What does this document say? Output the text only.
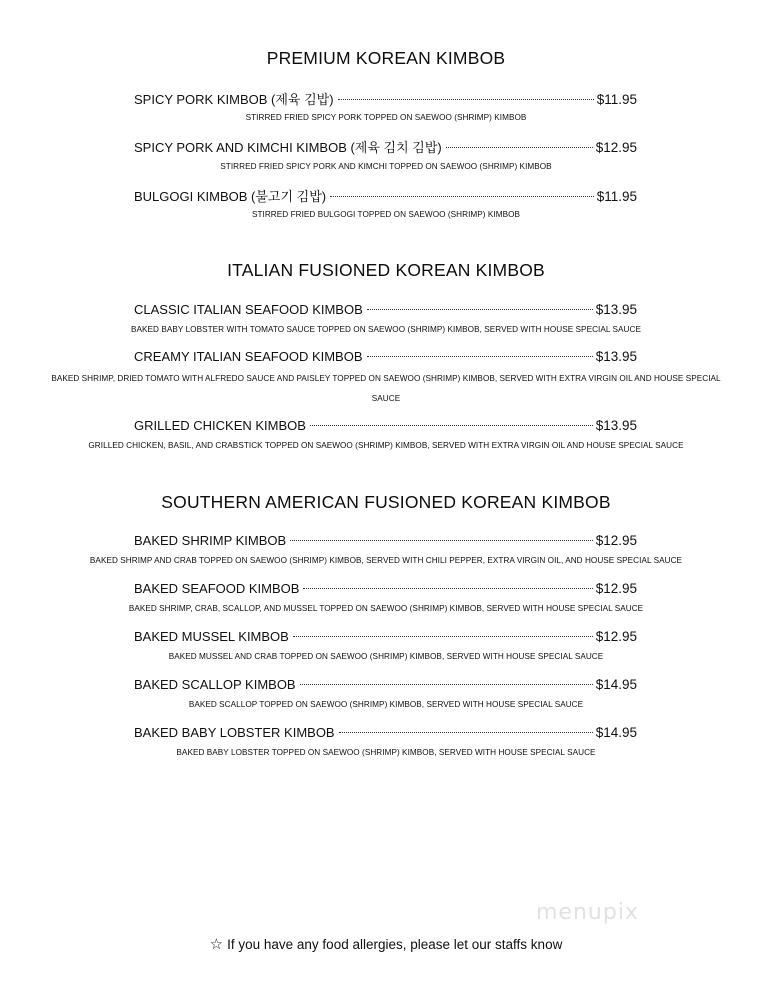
PREMIUM KOREAN KIMBOB
SPICY PORK KIMBOB (제육 김밥)	$11.95
STIRRED FRIED SPICY PORK TOPPED ON SAEWOO (SHRIMP) KIMBOB
SPICY PORK AND KIMCHI KIMBOB (제육 김치 김밥)	$12.95
STIRRED FRIED SPICY PORK AND KIMCHI TOPPED ON SAEWOO (SHRIMP) KIMBOB
BULGOGI KIMBOB (불고기 김밥)	$11.95
STIRRED FRIED BULGOGI TOPPED ON SAEWOO (SHRIMP) KIMBOB
ITALIAN FUSIONED KOREAN KIMBOB
CLASSIC ITALIAN SEAFOOD KIMBOB	$13.95
BAKED BABY LOBSTER WITH TOMATO SAUCE TOPPED ON SAEWOO (SHRIMP) KIMBOB, SERVED WITH HOUSE SPECIAL SAUCE
CREAMY ITALIAN SEAFOOD KIMBOB	$13.95
BAKED SHRIMP, DRIED TOMATO WITH ALFREDO SAUCE AND PAISLEY TOPPED ON SAEWOO (SHRIMP) KIMBOB, SERVED WITH EXTRA VIRGIN OIL AND HOUSE SPECIAL SAUCE
GRILLED CHICKEN KIMBOB	$13.95
GRILLED CHICKEN, BASIL, AND CRABSTICK TOPPED ON SAEWOO (SHRIMP) KIMBOB, SERVED WITH EXTRA VIRGIN OIL AND HOUSE SPECIAL SAUCE
SOUTHERN AMERICAN FUSIONED KOREAN KIMBOB
BAKED SHRIMP KIMBOB	$12.95
BAKED SHRIMP AND CRAB TOPPED ON SAEWOO (SHRIMP) KIMBOB, SERVED WITH CHILI PEPPER, EXTRA VIRGIN OIL, AND HOUSE SPECIAL SAUCE
BAKED SEAFOOD KIMBOB	$12.95
BAKED SHRIMP, CRAB, SCALLOP, AND MUSSEL TOPPED ON SAEWOO (SHRIMP) KIMBOB, SERVED WITH HOUSE SPECIAL SAUCE
BAKED MUSSEL KIMBOB	$12.95
BAKED MUSSEL AND CRAB TOPPED ON SAEWOO (SHRIMP) KIMBOB, SERVED WITH HOUSE SPECIAL SAUCE
BAKED SCALLOP KIMBOB	$14.95
BAKED SCALLOP TOPPED ON SAEWOO (SHRIMP) KIMBOB, SERVED WITH HOUSE SPECIAL SAUCE
BAKED BABY LOBSTER KIMBOB	$14.95
BAKED BABY LOBSTER TOPPED ON SAEWOO (SHRIMP) KIMBOB, SERVED WITH HOUSE SPECIAL SAUCE
menupix
☆ If you have any food allergies, please let our staffs know
